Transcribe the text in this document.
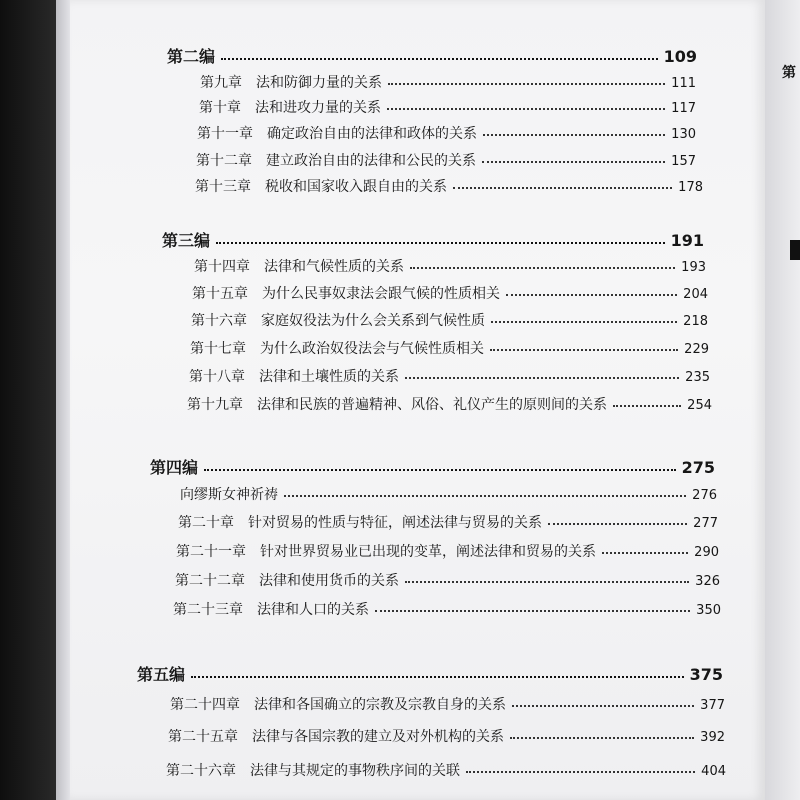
第
第二编	109
第九章 法和防御力量的关系	111
第十章 法和进攻力量的关系	117
第十一章 确定政治自由的法律和政体的关系	130
第十二章 建立政治自由的法律和公民的关系	157
第十三章 税收和国家收入跟自由的关系	178
第三编	191
第十四章 法律和气候性质的关系	193
第十五章 为什么民事奴隶法会跟气候的性质相关	204
第十六章 家庭奴役法为什么会关系到气候性质	218
第十七章 为什么政治奴役法会与气候性质相关	229
第十八章 法律和土壤性质的关系	235
第十九章 法律和民族的普遍精神、风俗、礼仪产生的原则间的关系	254
第四编	275
向缪斯女神祈祷	276
第二十章 针对贸易的性质与特征，阐述法律与贸易的关系	277
第二十一章 针对世界贸易业已出现的变革，阐述法律和贸易的关系	290
第二十二章 法律和使用货币的关系	326
第二十三章 法律和人口的关系	350
第五编	375
第二十四章 法律和各国确立的宗教及宗教自身的关系	377
第二十五章 法律与各国宗教的建立及对外机构的关系	392
第二十六章 法律与其规定的事物秩序间的关联	404
